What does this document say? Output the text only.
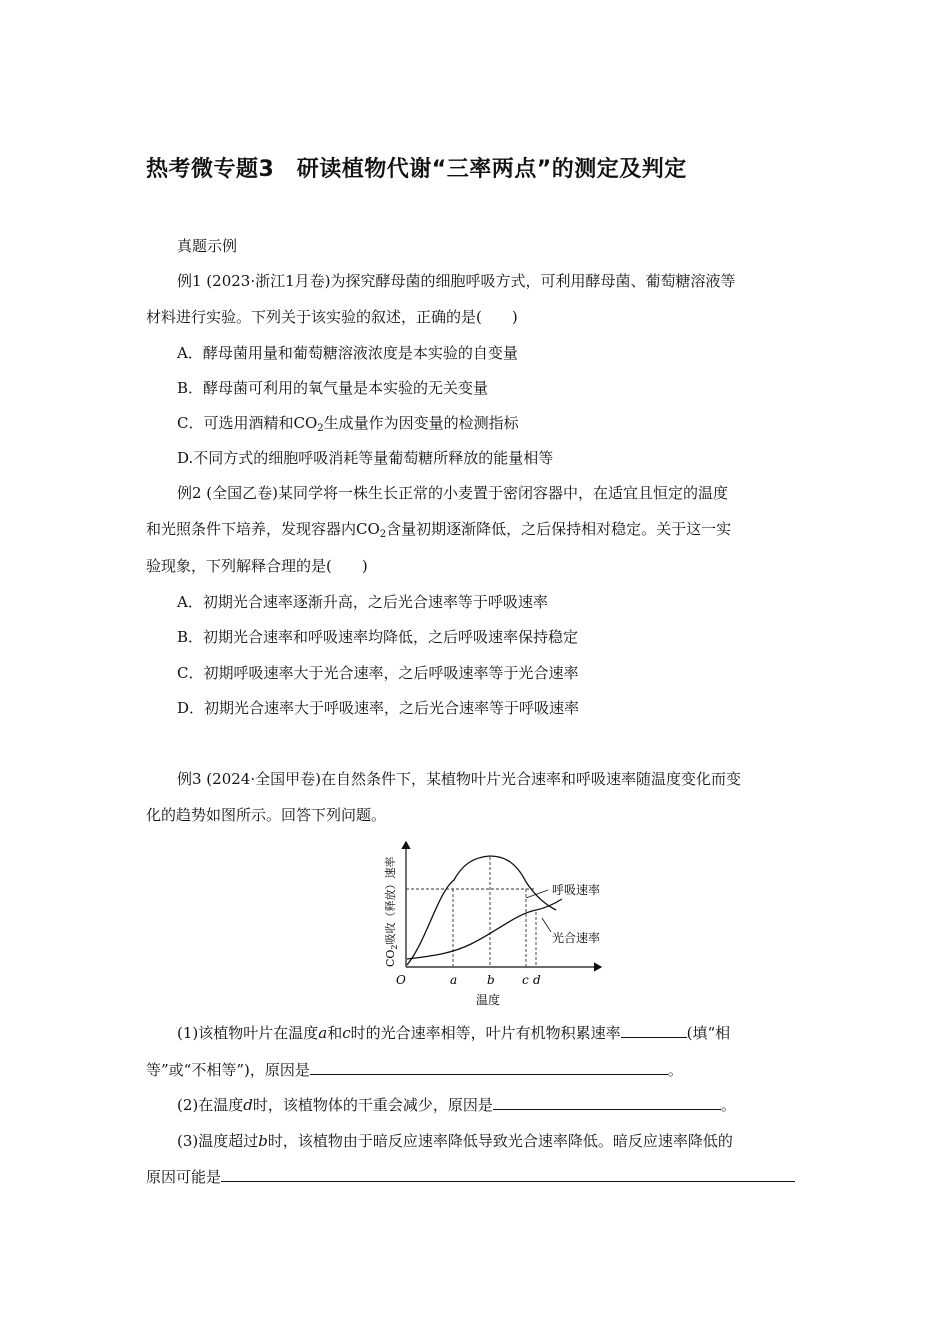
热考微专题3　研读植物代谢“三率两点”的测定及判定
真题示例
例1 (2023·浙江1月卷)为探究酵母菌的细胞呼吸方式，可利用酵母菌、葡萄糖溶液等
材料进行实验。下列关于该实验的叙述，正确的是(　　)
A．酵母菌用量和葡萄糖溶液浓度是本实验的自变量
B．酵母菌可利用的氧气量是本实验的无关变量
C．可选用酒精和$CO_2$生成量作为因变量的检测指标
D.不同方式的细胞呼吸消耗等量葡萄糖所释放的能量相等
例2 (全国乙卷)某同学将一株生长正常的小麦置于密闭容器中，在适宜且恒定的温度
和光照条件下培养，发现容器内$CO_2$含量初期逐渐降低，之后保持相对稳定。关于这一实
验现象，下列解释合理的是(　　)
A．初期光合速率逐渐升高，之后光合速率等于呼吸速率
B．初期光合速率和呼吸速率均降低，之后呼吸速率保持稳定
C．初期呼吸速率大于光合速率，之后呼吸速率等于光合速率
D．初期光合速率大于呼吸速率，之后光合速率等于呼吸速率
例3 (2024·全国甲卷)在自然条件下，某植物叶片光合速率和呼吸速率随温度变化而变
化的趋势如图所示。回答下列问题。
呼吸速率
光合速率
O	a b c d
温度
$CO_2$吸收（释放）速率
(1)该植物叶片在温度a和c时的光合速率相等，叶片有机物积累速率	(填“相
等”或“不相等”)，原因是	。
(2)在温度d时，该植物体的干重会减少，原因是	。
(3)温度超过b时，该植物由于暗反应速率降低导致光合速率降低。暗反应速率降低的
原因可能是
